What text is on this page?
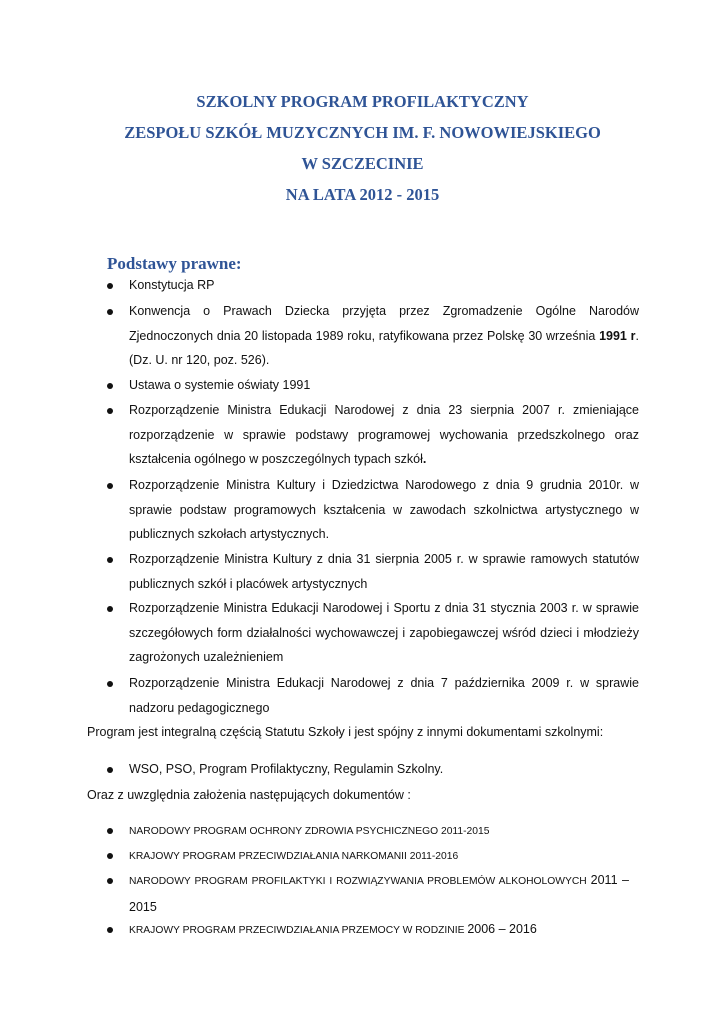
SZKOLNY PROGRAM PROFILAKTYCZNY
ZESPOŁU SZKÓŁ MUZYCZNYCH IM. F. NOWOWIEJSKIEGO
W SZCZECINIE
NA LATA 2012 - 2015
Podstawy prawne:
Konstytucja RP
Konwencja o Prawach Dziecka przyjęta przez Zgromadzenie Ogólne Narodów Zjednoczonych dnia 20 listopada 1989 roku, ratyfikowana przez Polskę 30 września 1991 r. (Dz. U. nr 120, poz. 526).
Ustawa o systemie oświaty 1991
Rozporządzenie Ministra Edukacji Narodowej z dnia 23 sierpnia 2007 r. zmieniające rozporządzenie w sprawie podstawy programowej wychowania przedszkolnego oraz kształcenia ogólnego w poszczególnych typach szkół.
Rozporządzenie Ministra Kultury i Dziedzictwa Narodowego z dnia 9 grudnia 2010r. w sprawie podstaw programowych kształcenia w zawodach szkolnictwa artystycznego w publicznych szkołach artystycznych.
Rozporządzenie Ministra Kultury z dnia 31 sierpnia 2005 r. w sprawie ramowych statutów publicznych szkół i placówek artystycznych
Rozporządzenie Ministra Edukacji Narodowej i Sportu z dnia 31 stycznia 2003 r. w sprawie szczegółowych form działalności wychowawczej i zapobiegawczej wśród dzieci i młodzieży zagrożonych uzależnieniem
Rozporządzenie Ministra Edukacji Narodowej z dnia 7 października 2009 r. w sprawie nadzoru pedagogicznego
Program jest integralną częścią Statutu Szkoły i jest spójny z innymi dokumentami szkolnymi:
WSO, PSO, Program Profilaktyczny, Regulamin Szkolny.
Oraz z uwzględnia założenia następujących dokumentów :
NARODOWY PROGRAM OCHRONY ZDROWIA PSYCHICZNEGO 2011-2015
KRAJOWY PROGRAM PRZECIWDZIAŁANIA NARKOMANII 2011-2016
NARODOWY PROGRAM PROFILAKTYKI I ROZWIĄZYWANIA PROBLEMÓW ALKOHOLOWYCH 2011 – 2015
KRAJOWY PROGRAM PRZECIWDZIAŁANIA PRZEMOCY W RODZINIE 2006 – 2016
